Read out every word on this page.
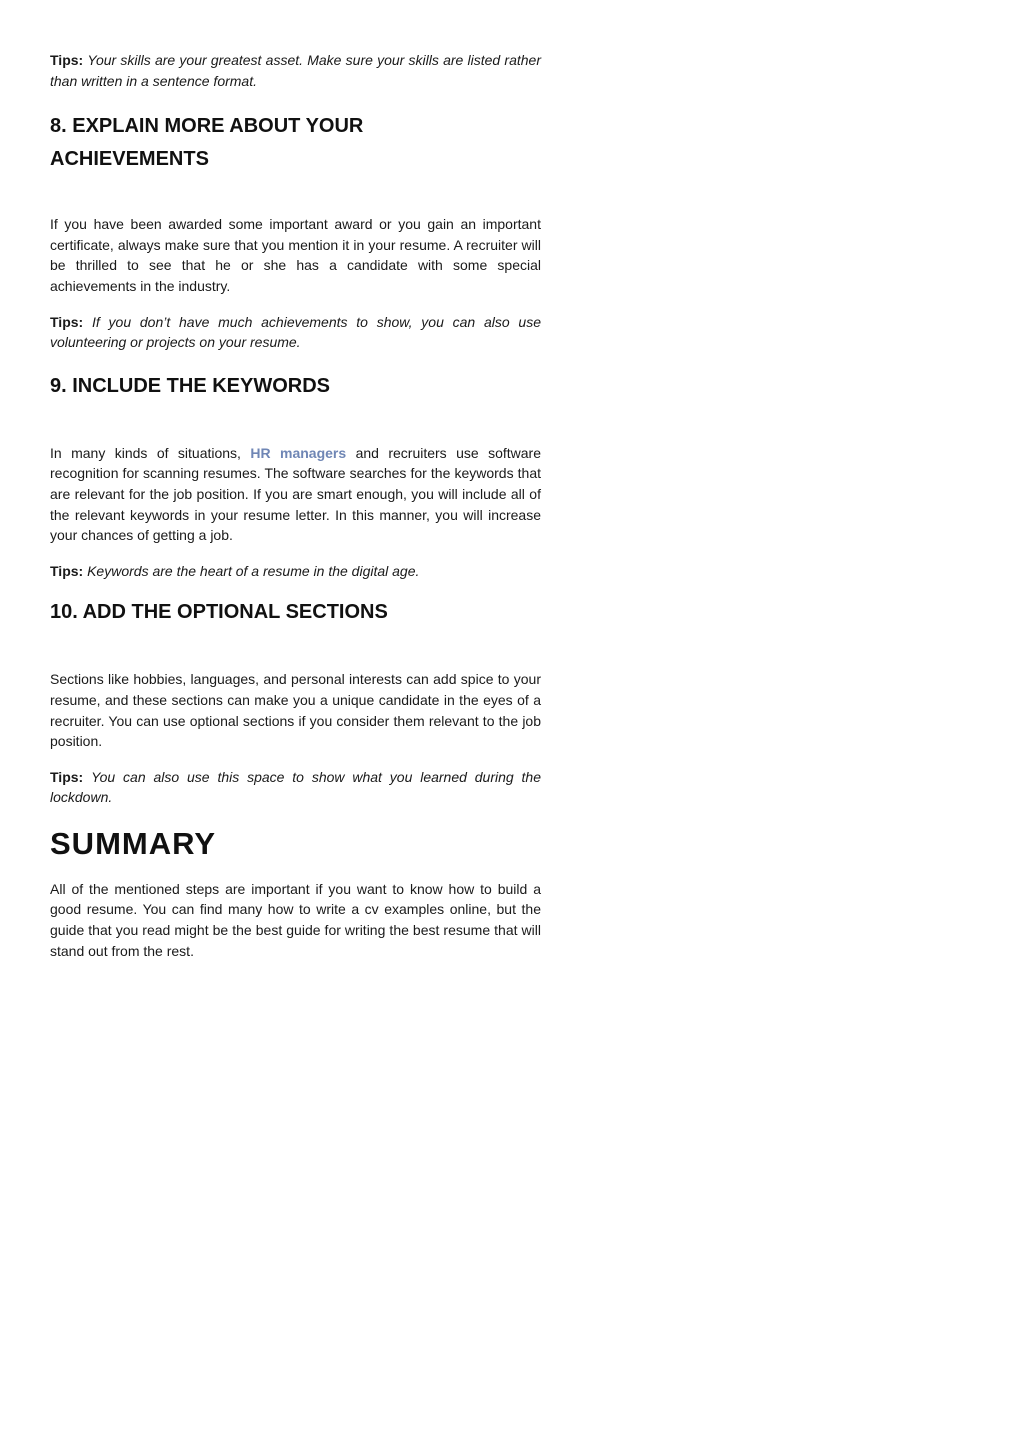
Tips: Your skills are your greatest asset. Make sure your skills are listed rather than written in a sentence format.

8. EXPLAIN MORE ABOUT YOUR
ACHIEVEMENTS

If you have been awarded some important award or you gain an important certificate, always make sure that you mention it in your resume. A recruiter will be thrilled to see that he or she has a candidate with some special achievements in the industry.

Tips: If you don’t have much achievements to show, you can also use volunteering or projects on your resume.

9. INCLUDE THE KEYWORDS

In many kinds of situations, HR managers and recruiters use software recognition for scanning resumes. The software searches for the keywords that are relevant for the job position. If you are smart enough, you will include all of the relevant keywords in your resume letter. In this manner, you will increase your chances of getting a job.

Tips: Keywords are the heart of a resume in the digital age.

10. ADD THE OPTIONAL SECTIONS

Sections like hobbies, languages, and personal interests can add spice to your resume, and these sections can make you a unique candidate in the eyes of a recruiter. You can use optional sections if you consider them relevant to the job position.

Tips: You can also use this space to show what you learned during the lockdown.

SUMMARY

All of the mentioned steps are important if you want to know how to build a good resume. You can find many how to write a cv examples online, but the guide that you read might be the best guide for writing the best resume that will stand out from the rest.
